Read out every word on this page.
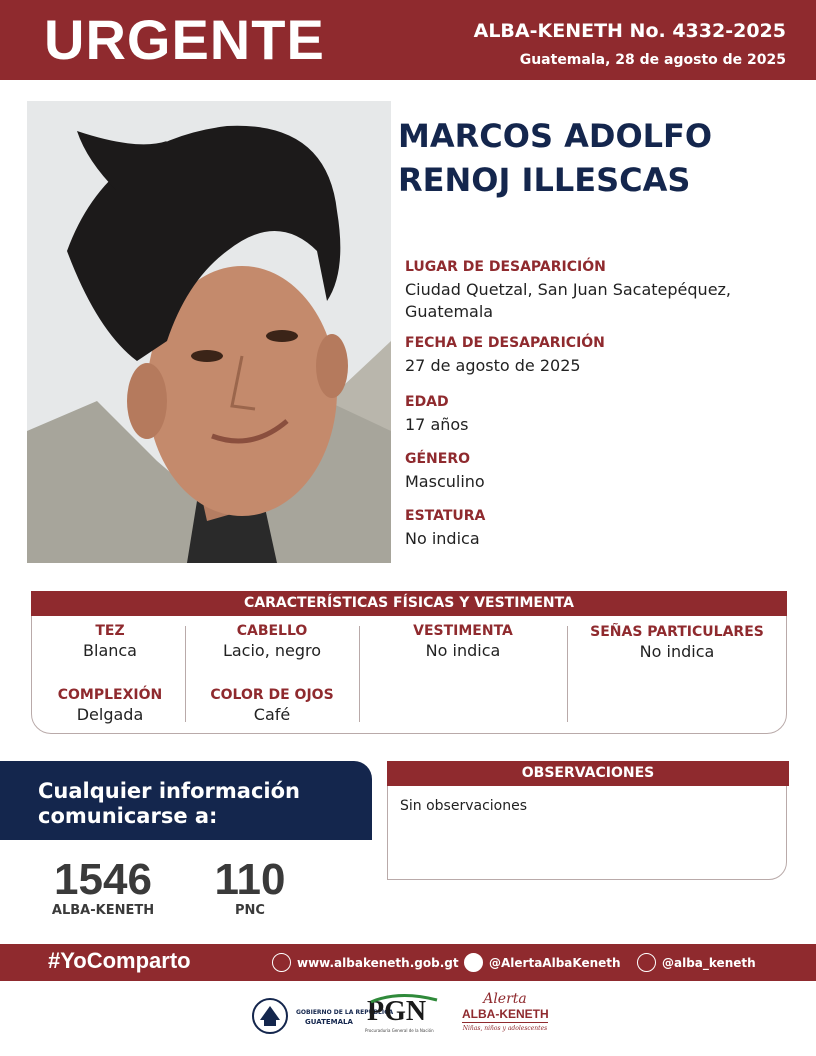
URGENTE	ALBA-KENETH No. 4332-2025
Guatemala, 28 de agosto de 2025
MARCOS ADOLFO
RENOJ ILLESCAS
LUGAR DE DESAPARICIÓN
Ciudad Quetzal, San Juan Sacatepéquez,
Guatemala
FECHA DE DESAPARICIÓN
27 de agosto de 2025
EDAD
17 años
GÉNERO
Masculino
ESTATURA
No indica
CARACTERÍSTICAS FÍSICAS Y VESTIMENTA
TEZ
Blanca
COMPLEXIÓN
Delgada
CABELLO
Lacio, negro
COLOR DE OJOS
Café
VESTIMENTA
No indica
SEÑAS PARTICULARES
No indica
Cualquier información
comunicarse a:
1546
ALBA-KENETH
110
PNC
OBSERVACIONES
Sin observaciones
#YoComparto	www.albakeneth.gob.gt	@AlertaAlbaKeneth	@alba_keneth
GOBIERNO DE LA REPÚBLICA
GUATEMALA PGN
Procuraduría General de la Nación
Alerta
ALBA-KENETH
Niñas, niños y adolescentes
